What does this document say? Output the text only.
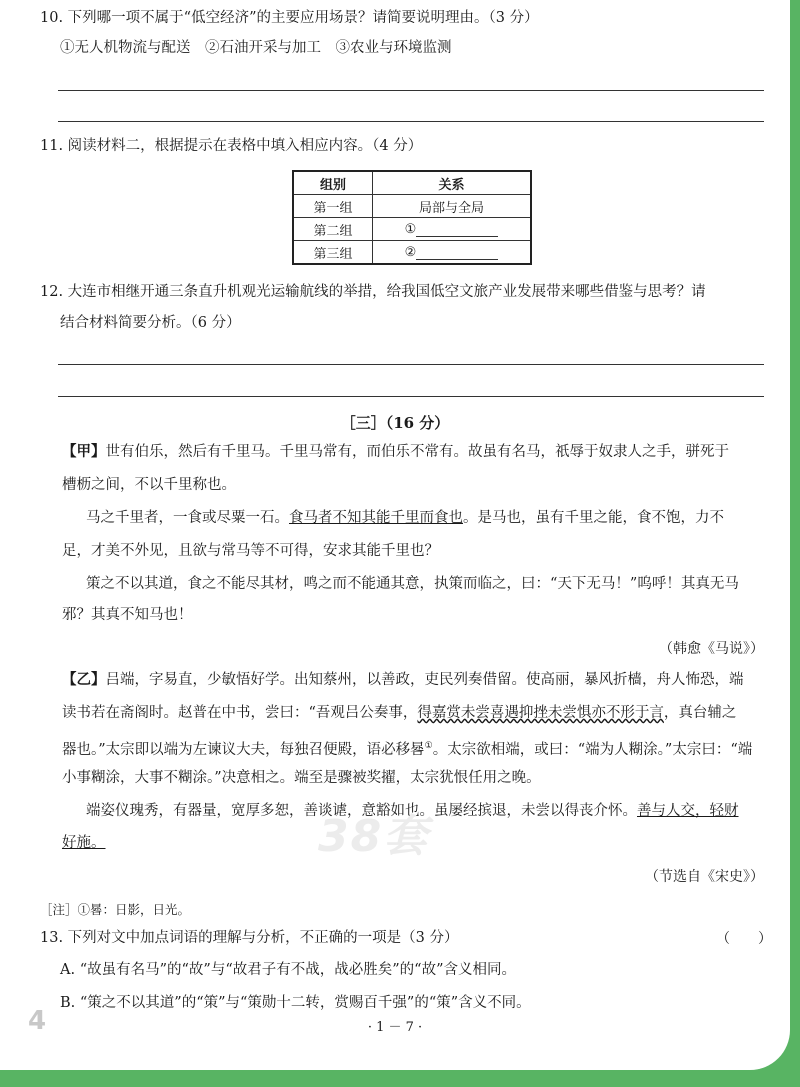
10. 下列哪一项不属于“低空经济”的主要应用场景？请简要说明理由。（3 分）
①无人机物流与配送　②石油开采与加工　③农业与环境监测
11. 阅读材料二，根据提示在表格中填入相应内容。（4 分）
组别	关系
第一组	局部与全局
第二组	①
第三组	②
12. 大连市相继开通三条直升机观光运输航线的举措，给我国低空文旅产业发展带来哪些借鉴与思考？请
结合材料简要分析。（6 分）
［三］（16 分）
【甲】世有伯乐，然后有千里马。千里马常有，而伯乐不常有。故虽有名马，祇辱于奴隶人之手，骈死于
槽枥之间，不以千里称也。
马之千里者，一食或尽粟一石。食马者不知其能千里而食也。是马也，虽有千里之能，食不饱，力不
足，才美不外见，且欲与常马等不可得，安求其能千里也？
策之不以其道，食之不能尽其材，鸣之而不能通其意，执策而临之，曰：“天下无马！”呜呼！其真无马
邪？其真不知马也！
（韩愈《马说》）
【乙】吕端，字易直，少敏悟好学。出知蔡州，以善政，吏民列奏借留。使高丽，暴风折樯，舟人怖恐，端
读书若在斋阁时。赵普在中书，尝曰：“吾观吕公奏事，得嘉赏未尝喜遇抑挫未尝惧亦不形于言，真台辅之
器也。”太宗即以端为左谏议大夫，每独召便殿，语必移晷①。太宗欲相端，或曰：“端为人糊涂。”太宗曰：“端
小事糊涂，大事不糊涂。”决意相之。端至是骤被奖擢，太宗犹恨任用之晚。
端姿仪瑰秀，有器量，宽厚多恕，善谈谑，意豁如也。虽屡经摈退，未尝以得丧介怀。善与人交，轻财
好施。	38套
（节选自《宋史》）
［注］①晷：日影，日光。
13. 下列对文中加点词语的理解与分析，不正确的一项是（3 分）	（　　）
A. “故虽有名马”的“故”与“故君子有不战，战必胜矣”的“故”含义相同。
B. “策之不以其道”的“策”与“策勋十二转，赏赐百千强”的“策”含义不同。
4	· 1 － 7 ·
